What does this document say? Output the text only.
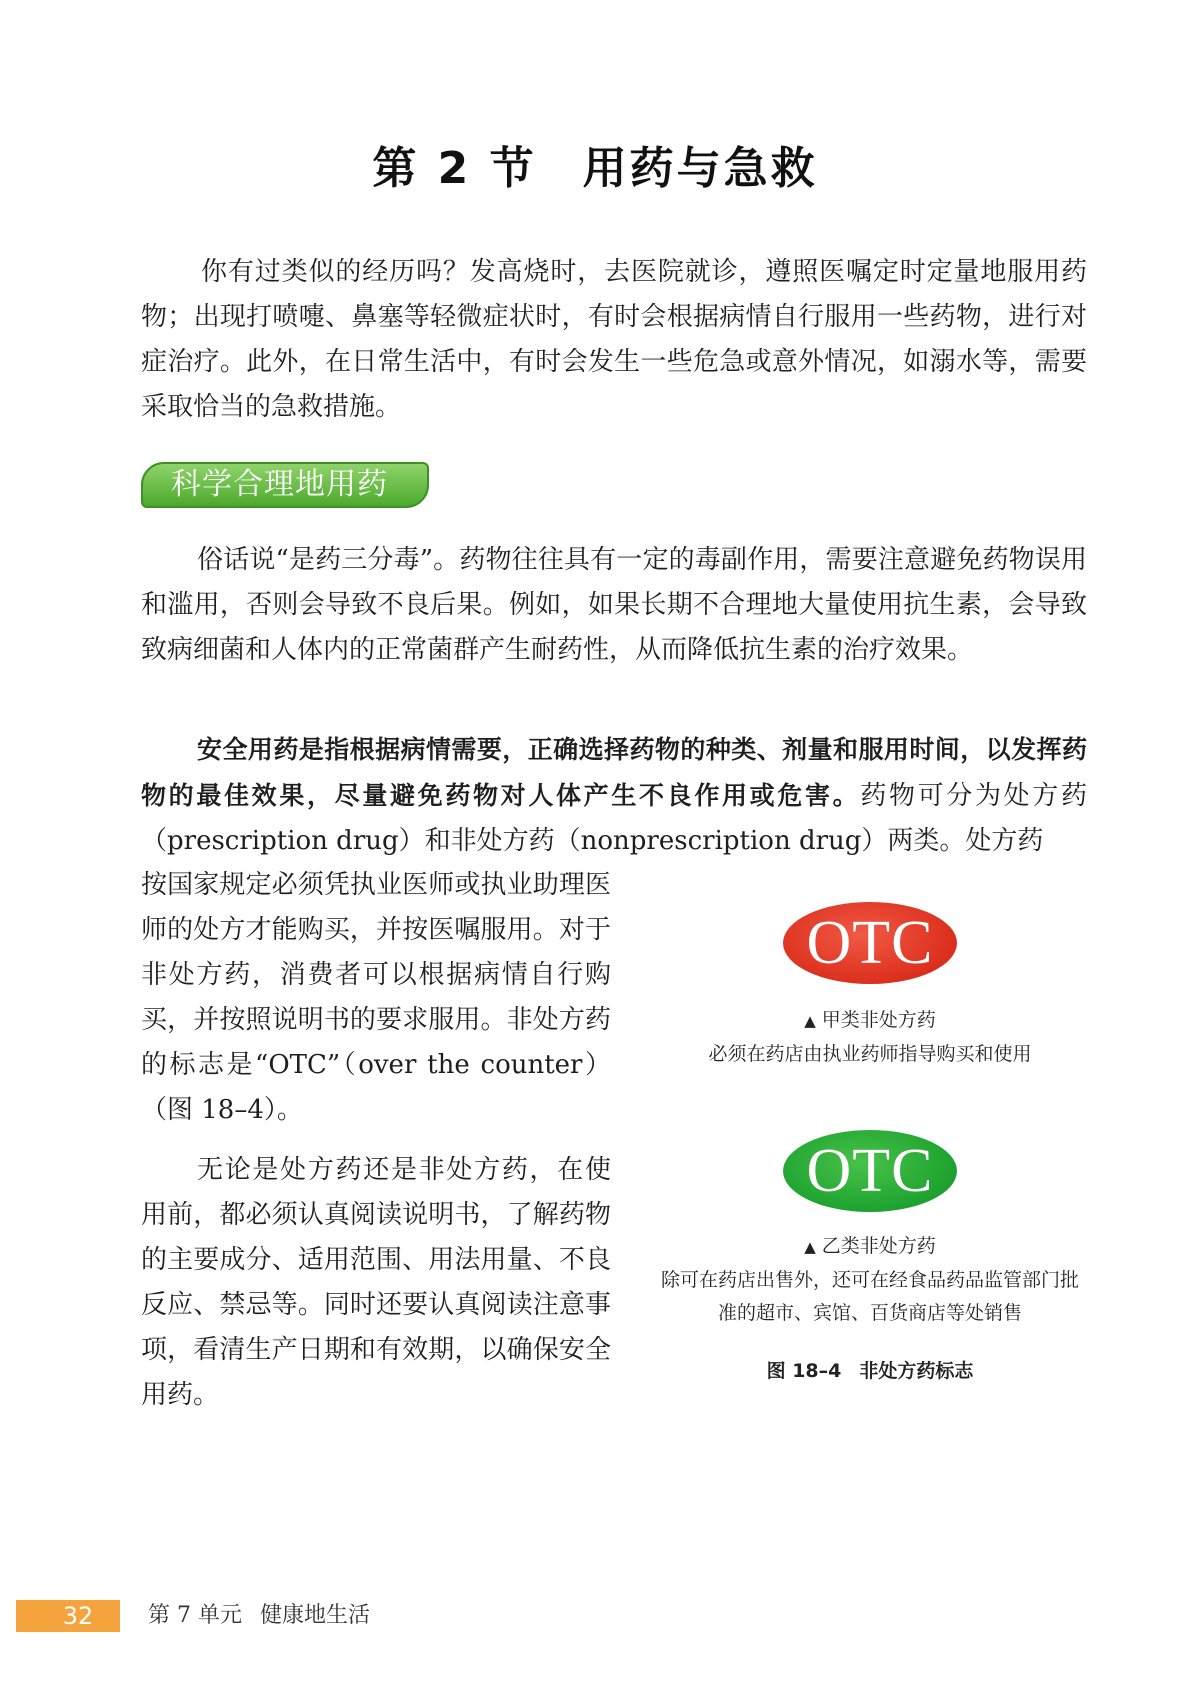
第 2 节 用药与急救

你有过类似的经历吗？发高烧时，去医院就诊，遵照医嘱定时定量地服用药物；出现打喷嚏、鼻塞等轻微症状时，有时会根据病情自行服用一些药物，进行对症治疗。此外，在日常生活中，有时会发生一些危急或意外情况，如溺水等，需要采取恰当的急救措施。

科学合理地用药

俗话说“是药三分毒”。药物往往具有一定的毒副作用，需要注意避免药物误用和滥用，否则会导致不良后果。例如，如果长期不合理地大量使用抗生素，会导致致病细菌和人体内的正常菌群产生耐药性，从而降低抗生素的治疗效果。

安全用药是指根据病情需要，正确选择药物的种类、剂量和服用时间，以发挥药物的最佳效果，尽量避免药物对人体产生不良作用或危害。药物可分为处方药（prescription drug）和非处方药（nonprescription drug）两类。处方药

按国家规定必须凭执业医师或执业助理医师的处方才能购买，并按医嘱服用。对于非处方药，消费者可以根据病情自行购买，并按照说明书的要求服用。非处方药的标志是“OTC”（over the counter）（图 18–4）。

无论是处方药还是非处方药，在使用前，都必须认真阅读说明书，了解药物的主要成分、适用范围、用法用量、不良反应、禁忌等。同时还要认真阅读注意事项，看清生产日期和有效期，以确保安全用药。

OTC
▲ 甲类非处方药
必须在药店由执业药师指导购买和使用
OTC
▲ 乙类非处方药
除可在药店出售外，还可在经食品药品监管部门批准的超市、宾馆、百货商店等处销售
图 18–4 非处方药标志
32	第 7 单元 健康地生活
